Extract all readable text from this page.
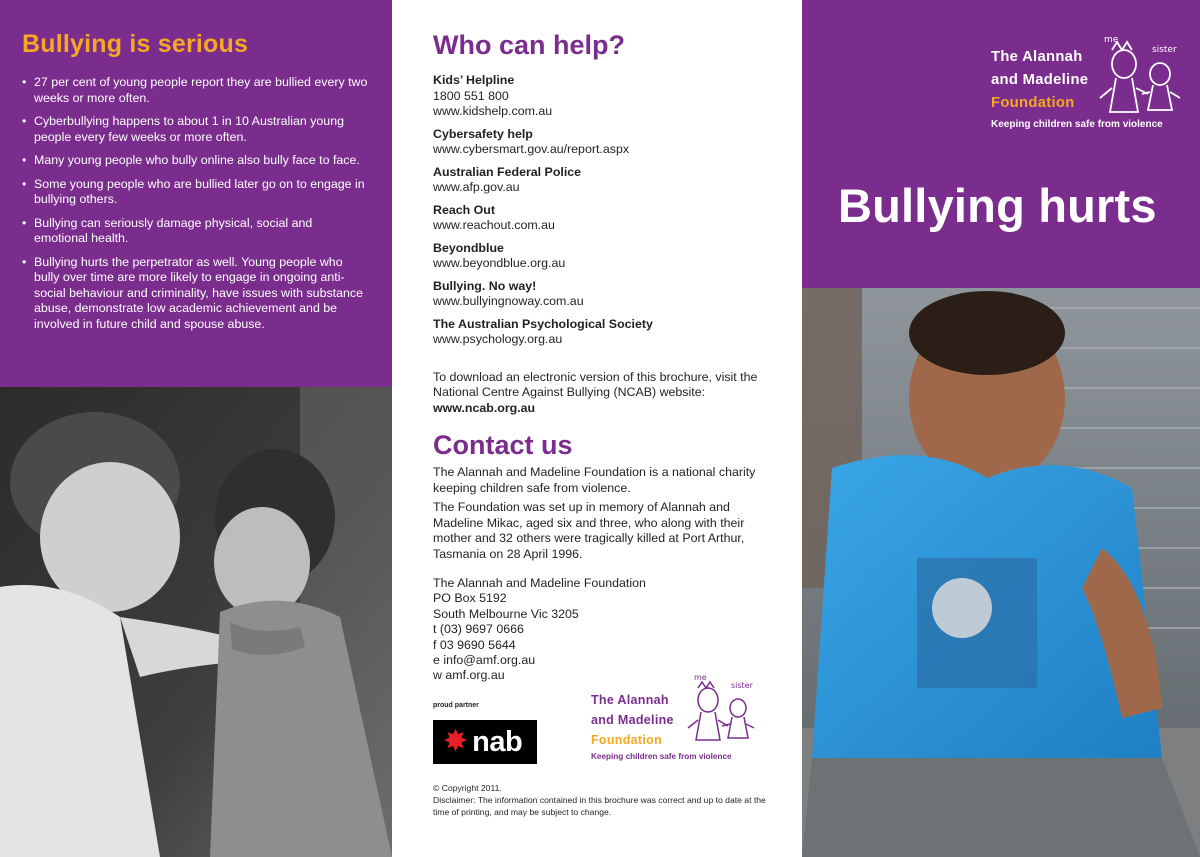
Bullying is serious
• 27 per cent of young people report they are bullied every two weeks or more often.
• Cyberbullying happens to about 1 in 10 Australian young people every few weeks or more often.
• Many young people who bully online also bully face to face.
• Some young people who are bullied later go on to engage in bullying others.
• Bullying can seriously damage physical, social and emotional health.
• Bullying hurts the perpetrator as well. Young people who bully over time are more likely to engage in ongoing anti-social behaviour and criminality, have issues with substance abuse, demonstrate low academic achievement and be involved in future child and spouse abuse.
Who can help?
Kids’ Helpline
1800 551 800
www.kidshelp.com.au
Cybersafety help
www.cybersmart.gov.au/report.aspx
Australian Federal Police
www.afp.gov.au
Reach Out
www.reachout.com.au
Beyondblue
www.beyondblue.org.au
Bullying. No way!
www.bullyingnoway.com.au
The Australian Psychological Society
www.psychology.org.au

To download an electronic version of this brochure, visit the National Centre Against Bullying (NCAB) website: www.ncab.org.au

Contact us

The Alannah and Madeline Foundation is a national charity keeping children safe from violence.

The Foundation was set up in memory of Alannah and Madeline Mikac, aged six and three, who along with their mother and 32 others were tragically killed at Port Arthur, Tasmania on 28 April 1996.

The Alannah and Madeline Foundation
PO Box 5192
South Melbourne Vic 3205
t (03) 9697 0666
f 03 9690 5644
e info@amf.org.au
w amf.org.au
proud partner
✸ nab
The Alannah
and Madeline
Foundation
Keeping children safe from violence
me
sister
© Copyright 2011.
Disclaimer: The information contained in this brochure was correct and up to date at the time of printing, and may be subject to change.
The Alannah
and Madeline
Foundation
Keeping children safe from violence
me
sister
Bullying hurts
